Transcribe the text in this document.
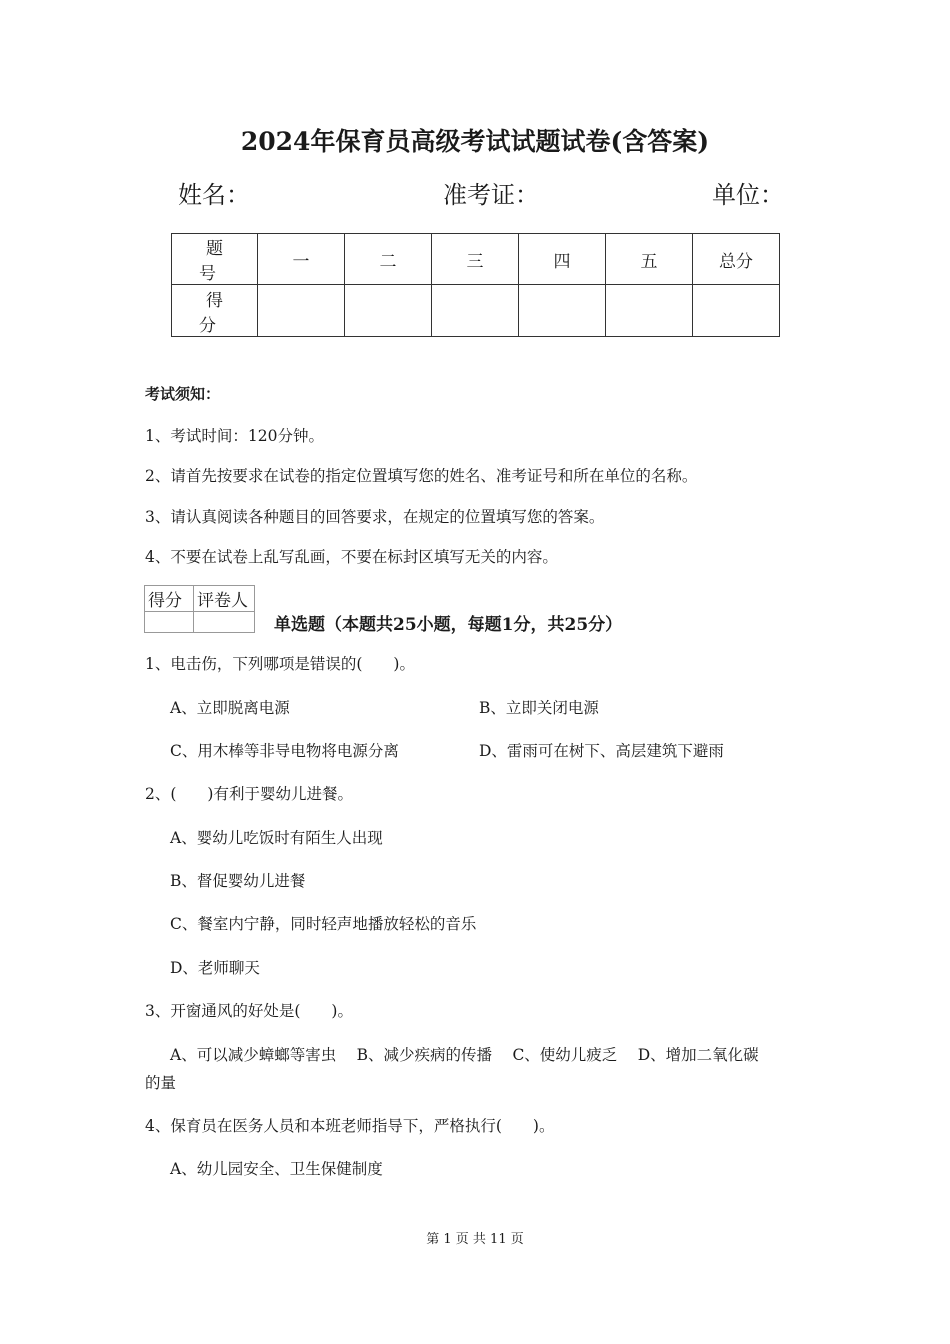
2024年保育员高级考试试题试卷(含答案)
姓名：	准考证：	单位：
题 号	一	二	三	四	五	总分
得 分						
考试须知：
1、考试时间：120分钟。
2、请首先按要求在试卷的指定位置填写您的姓名、准考证号和所在单位的名称。
3、请认真阅读各种题目的回答要求，在规定的位置填写您的答案。
4、不要在试卷上乱写乱画，不要在标封区填写无关的内容。
得分	评卷人

单选题（本题共25小题，每题1分，共25分）
1、电击伤，下列哪项是错误的(　　)。
A、立即脱离电源	B、立即关闭电源
C、用木棒等非导电物将电源分离	D、雷雨可在树下、高层建筑下避雨
2、(　　)有利于婴幼儿进餐。
A、婴幼儿吃饭时有陌生人出现
B、督促婴幼儿进餐
C、餐室内宁静，同时轻声地播放轻松的音乐
D、老师聊天
3、开窗通风的好处是(　　)。
A、可以减少蟑螂等害虫　 B、减少疾病的传播　 C、使幼儿疲乏　 D、增加二氧化碳
的量
4、保育员在医务人员和本班老师指导下，严格执行(　　)。
A、幼儿园安全、卫生保健制度
第 1 页 共 11 页
